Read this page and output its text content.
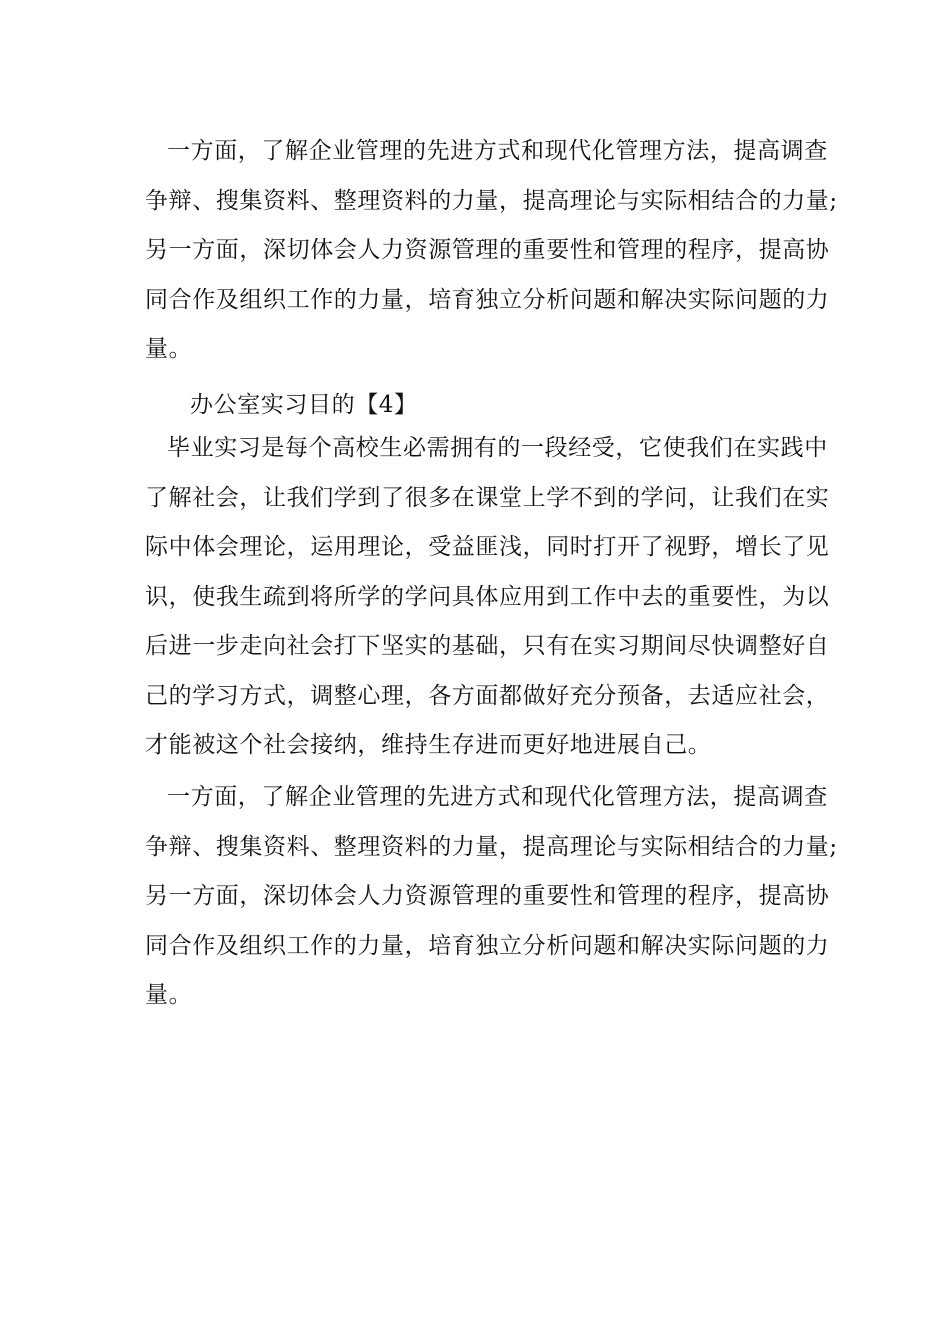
一方面，了解企业管理的先进方式和现代化管理方法，提高调查
争辩、搜集资料、整理资料的力量，提高理论与实际相结合的力量;
另一方面，深切体会人力资源管理的重要性和管理的程序，提高协
同合作及组织工作的力量，培育独立分析问题和解决实际问题的力
量。
办公室实习目的【4】
毕业实习是每个高校生必需拥有的一段经受，它使我们在实践中
了解社会，让我们学到了很多在课堂上学不到的学问，让我们在实
际中体会理论，运用理论，受益匪浅，同时打开了视野，增长了见
识，使我生疏到将所学的学问具体应用到工作中去的重要性，为以
后进一步走向社会打下坚实的基础，只有在实习期间尽快调整好自
己的学习方式，调整心理，各方面都做好充分预备，去适应社会，
才能被这个社会接纳，维持生存进而更好地进展自己。
一方面，了解企业管理的先进方式和现代化管理方法，提高调查
争辩、搜集资料、整理资料的力量，提高理论与实际相结合的力量;
另一方面，深切体会人力资源管理的重要性和管理的程序，提高协
同合作及组织工作的力量，培育独立分析问题和解决实际问题的力
量。
